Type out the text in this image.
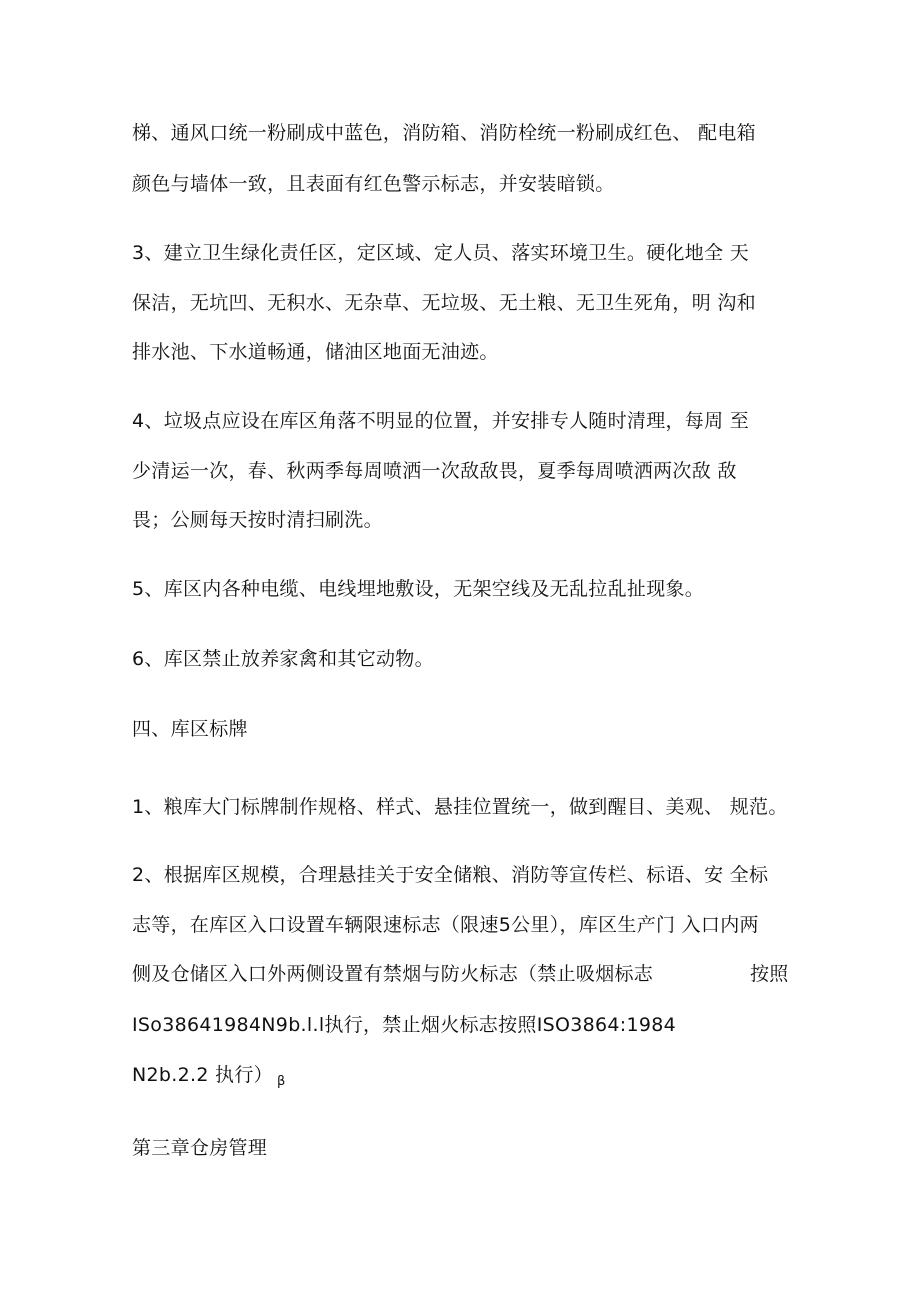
梯、通风口统一粉刷成中蓝色，消防箱、消防栓统一粉刷成红色、 配电箱
颜色与墙体一致，且表面有红色警示标志，并安装暗锁。
3、建立卫生绿化责任区，定区域、定人员、落实环境卫生。硬化地全 天
保洁，无坑凹、无积水、无杂草、无垃圾、无土粮、无卫生死角，明 沟和
排水池、下水道畅通，储油区地面无油迹。
4、垃圾点应设在库区角落不明显的位置，并安排专人随时清理，每周 至
少清运一次，春、秋两季每周喷洒一次敌敌畏，夏季每周喷洒两次敌 敌
畏；公厕每天按时清扫刷洗。
5、库区内各种电缆、电线埋地敷设，无架空线及无乱拉乱扯现象。
6、库区禁止放养家禽和其它动物。
四、库区标牌
1、粮库大门标牌制作规格、样式、悬挂位置统一，做到醒目、美观、 规范。
2、根据库区规模，合理悬挂关于安全储粮、消防等宣传栏、标语、安 全标
志等，在库区入口设置车辆限速标志（限速5公里），库区生产门 入口内两
侧及仓储区入口外两侧设置有禁烟与防火标志（禁止吸烟标志	按照
ISo38641984N9b.l.l执行，禁止烟火标志按照ISO3864:1984
N2b.2.2 执行） $_\beta$
第三章仓房管理
